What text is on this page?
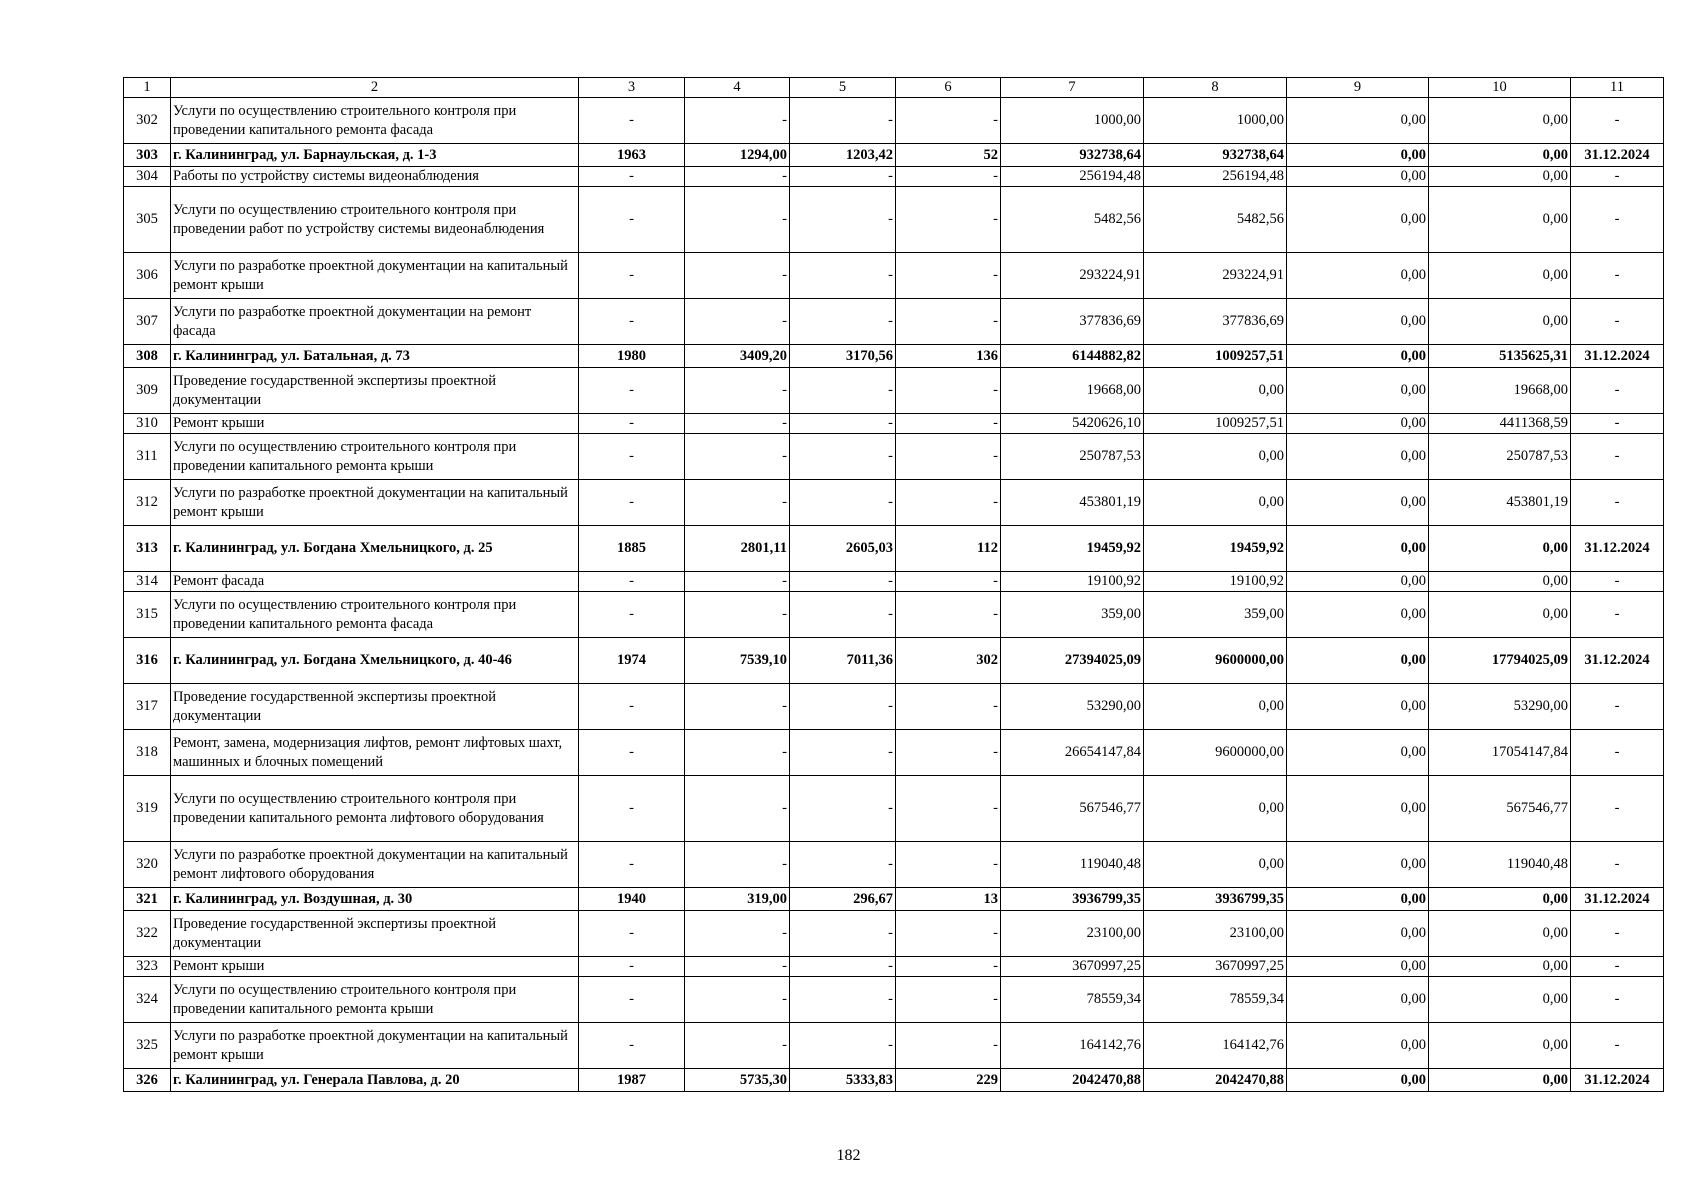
1	2	3	4	5	6	7	8	9	10	11
302	Услуги по осуществлению строительного контроля при проведении капитального ремонта фасада	-	-	-	-	1000,00	1000,00	0,00	0,00	-
303	г. Калининград, ул. Барнаульская, д. 1-3	1963	1294,00	1203,42	52	932738,64	932738,64	0,00	0,00	31.12.2024
304	Работы по устройству системы видеонаблюдения	-	-	-	-	256194,48	256194,48	0,00	0,00	-
305	Услуги по осуществлению строительного контроля при проведении работ по устройству системы видеонаблюдения	-	-	-	-	5482,56	5482,56	0,00	0,00	-
306	Услуги по разработке проектной документации на капитальный ремонт крыши	-	-	-	-	293224,91	293224,91	0,00	0,00	-
307	Услуги по разработке проектной документации на ремонт фасада	-	-	-	-	377836,69	377836,69	0,00	0,00	-
308	г. Калининград, ул. Батальная, д. 73	1980	3409,20	3170,56	136	6144882,82	1009257,51	0,00	5135625,31	31.12.2024
309	Проведение государственной экспертизы проектной документации	-	-	-	-	19668,00	0,00	0,00	19668,00	-
310	Ремонт крыши	-	-	-	-	5420626,10	1009257,51	0,00	4411368,59	-
311	Услуги по осуществлению строительного контроля при проведении капитального ремонта крыши	-	-	-	-	250787,53	0,00	0,00	250787,53	-
312	Услуги по разработке проектной документации на капитальный ремонт крыши	-	-	-	-	453801,19	0,00	0,00	453801,19	-
313	г. Калининград, ул. Богдана Хмельницкого, д. 25	1885	2801,11	2605,03	112	19459,92	19459,92	0,00	0,00	31.12.2024
314	Ремонт фасада	-	-	-	-	19100,92	19100,92	0,00	0,00	-
315	Услуги по осуществлению строительного контроля при проведении капитального ремонта фасада	-	-	-	-	359,00	359,00	0,00	0,00	-
316	г. Калининград, ул. Богдана Хмельницкого, д. 40-46	1974	7539,10	7011,36	302	27394025,09	9600000,00	0,00	17794025,09	31.12.2024
317	Проведение государственной экспертизы проектной документации	-	-	-	-	53290,00	0,00	0,00	53290,00	-
318	Ремонт, замена, модернизация лифтов, ремонт лифтовых шахт, машинных и блочных помещений	-	-	-	-	26654147,84	9600000,00	0,00	17054147,84	-
319	Услуги по осуществлению строительного контроля при проведении капитального ремонта лифтового оборудования	-	-	-	-	567546,77	0,00	0,00	567546,77	-
320	Услуги по разработке проектной документации на капитальный ремонт лифтового оборудования	-	-	-	-	119040,48	0,00	0,00	119040,48	-
321	г. Калининград, ул. Воздушная, д. 30	1940	319,00	296,67	13	3936799,35	3936799,35	0,00	0,00	31.12.2024
322	Проведение государственной экспертизы проектной документации	-	-	-	-	23100,00	23100,00	0,00	0,00	-
323	Ремонт крыши	-	-	-	-	3670997,25	3670997,25	0,00	0,00	-
324	Услуги по осуществлению строительного контроля при проведении капитального ремонта крыши	-	-	-	-	78559,34	78559,34	0,00	0,00	-
325	Услуги по разработке проектной документации на капитальный ремонт крыши	-	-	-	-	164142,76	164142,76	0,00	0,00	-
326	г. Калининград, ул. Генерала Павлова, д. 20	1987	5735,30	5333,83	229	2042470,88	2042470,88	0,00	0,00	31.12.2024
182
